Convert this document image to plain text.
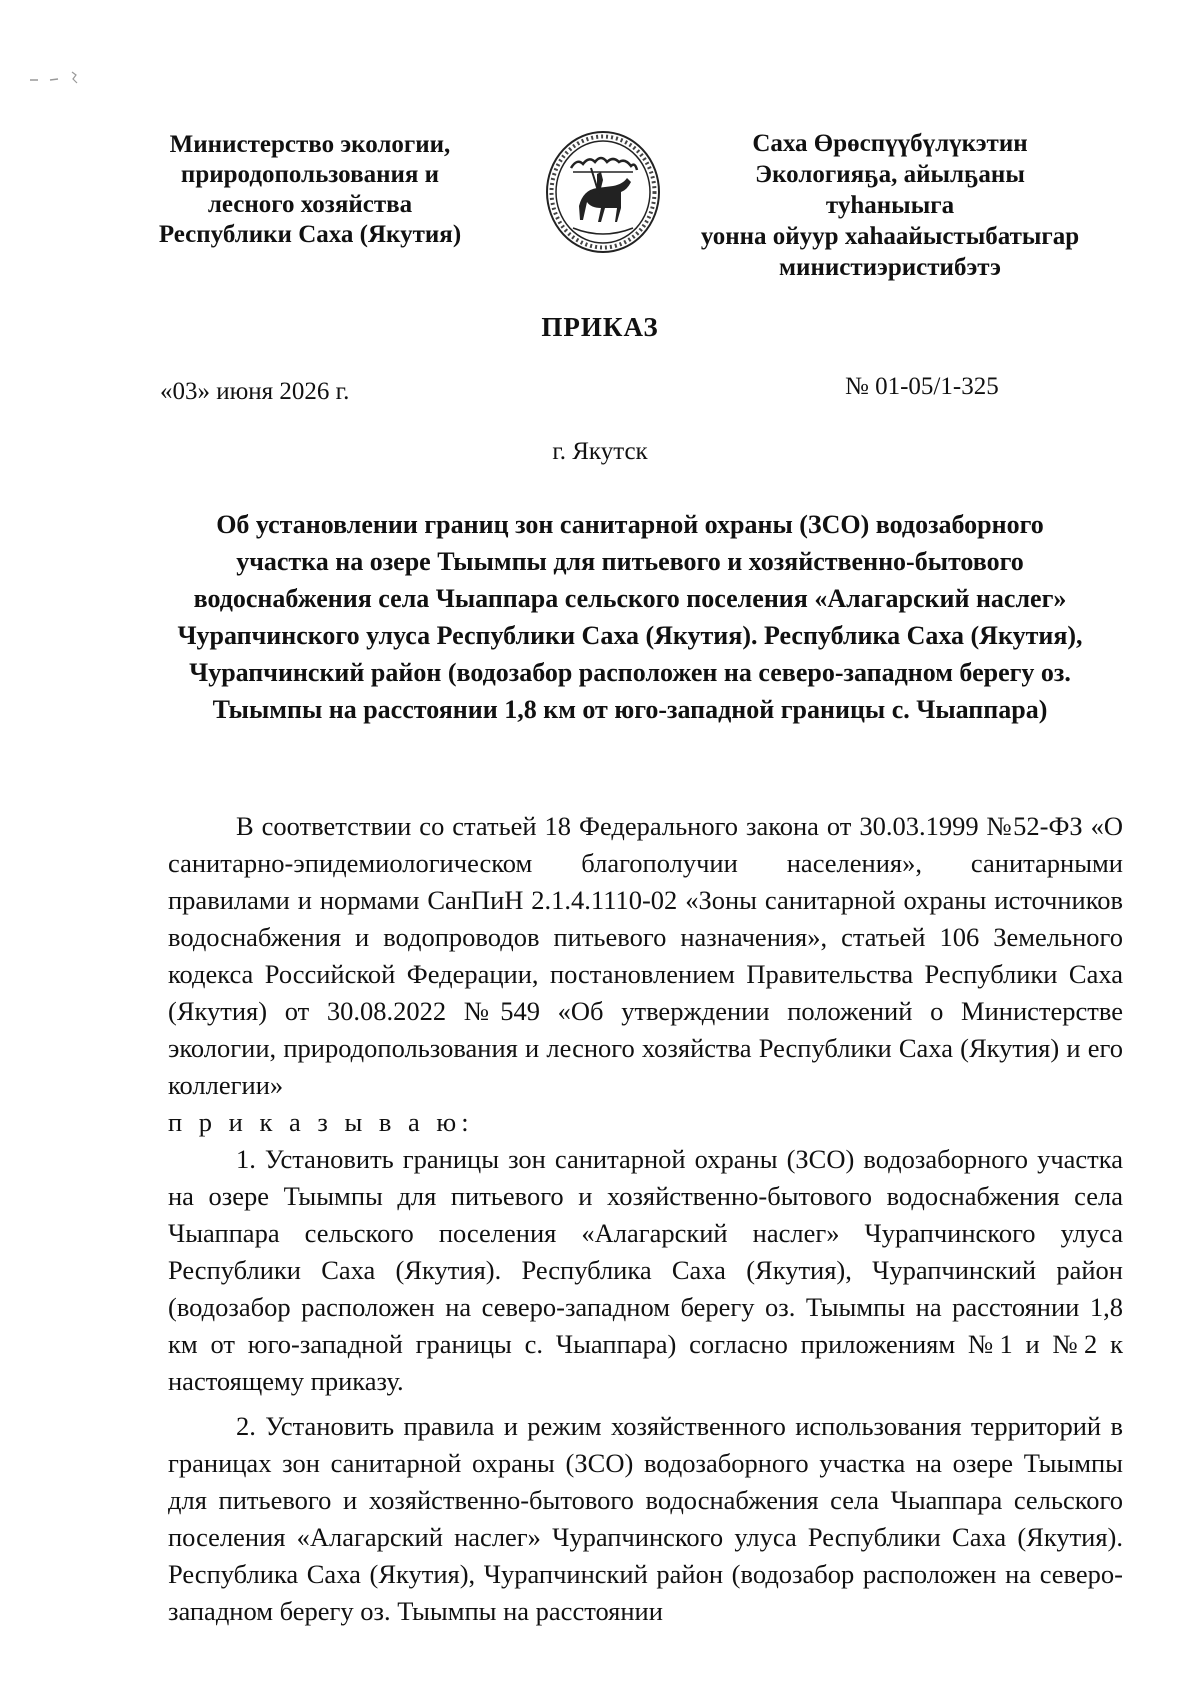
Министерство экологии,
природопользования и
лесного хозяйства
Республики Саха (Якутия)
Саха Өрөспүүбүлүкэтин
Экологияҕа, айылҕаны туһаныыга
уонна ойуур хаһаайыстыбатыгар
министиэристибэтэ
ПРИКАЗ
«03» июня 2026 г.	№ 01-05/1-325
г. Якутск
Об установлении границ зон санитарной охраны (ЗСО) водозаборного участка на озере Тыымпы для питьевого и хозяйственно-бытового водоснабжения села Чыаппара сельского поселения «Алагарский наслег» Чурапчинского улуса Республики Саха (Якутия). Республика Саха (Якутия), Чурапчинский район (водозабор расположен на северо-западном берегу оз. Тыымпы на расстоянии 1,8 км от юго-западной границы с. Чыаппара)

В соответствии со статьей 18 Федерального закона от 30.03.1999 №52-ФЗ «О санитарно-эпидемиологическом благополучии населения», санитарными правилами и нормами СанПиН 2.1.4.1110-02 «Зоны санитарной охраны источников водоснабжения и водопроводов питьевого назначения», статьей 106 Земельного кодекса Российской Федерации, постановлением Правительства Республики Саха (Якутия) от 30.08.2022 №549 «Об утверждении положений о Министерстве экологии, природопользования и лесного хозяйства Республики Саха (Якутия) и его коллегии»

п р и к а з ы в а ю:

1. Установить границы зон санитарной охраны (ЗСО) водозаборного участка на озере Тыымпы для питьевого и хозяйственно-бытового водоснабжения села Чыаппара сельского поселения «Алагарский наслег» Чурапчинского улуса Республики Саха (Якутия). Республика Саха (Якутия), Чурапчинский район (водозабор расположен на северо-западном берегу оз. Тыымпы на расстоянии 1,8 км от юго-западной границы с. Чыаппара) согласно приложениям №1 и №2 к настоящему приказу.

2. Установить правила и режим хозяйственного использования территорий в границах зон санитарной охраны (ЗСО) водозаборного участка на озере Тыымпы для питьевого и хозяйственно-бытового водоснабжения села Чыаппара сельского поселения «Алагарский наслег» Чурапчинского улуса Республики Саха (Якутия). Республика Саха (Якутия), Чурапчинский район (водозабор расположен на северо-западном берегу оз. Тыымпы на расстоянии
